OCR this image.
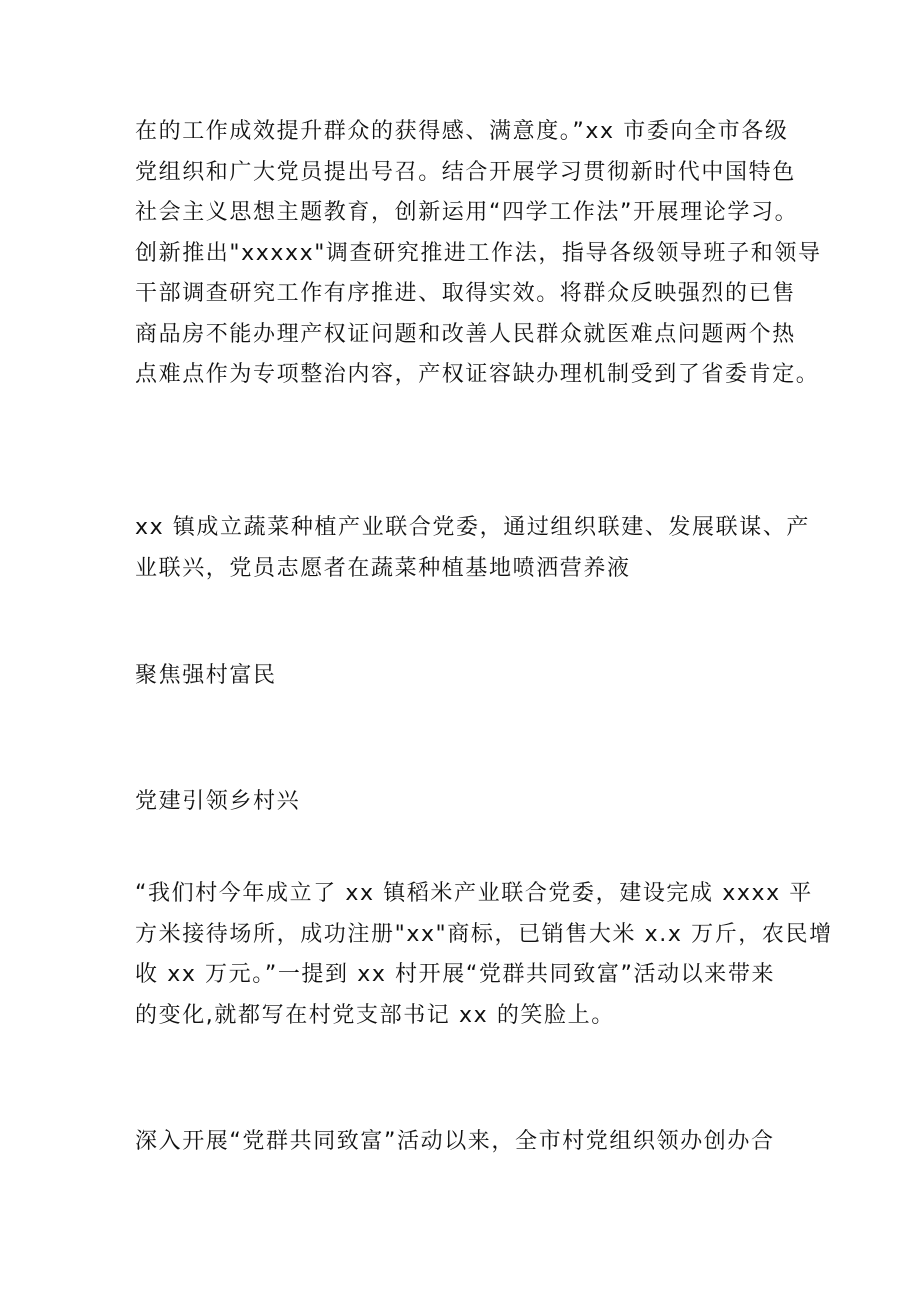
在的工作成效提升群众的获得感、满意度。”xx 市委向全市各级
党组织和广大党员提出号召。结合开展学习贯彻新时代中国特色
社会主义思想主题教育，创新运用“四学工作法”开展理论学习。
创新推出"xxxxx"调查研究推进工作法，指导各级领导班子和领导
干部调查研究工作有序推进、取得实效。将群众反映强烈的已售
商品房不能办理产权证问题和改善人民群众就医难点问题两个热
点难点作为专项整治内容，产权证容缺办理机制受到了省委肯定。

xx 镇成立蔬菜种植产业联合党委，通过组织联建、发展联谋、产
业联兴，党员志愿者在蔬菜种植基地喷洒营养液

聚焦强村富民

党建引领乡村兴

“我们村今年成立了 xx 镇稻米产业联合党委，建设完成 xxxx 平
方米接待场所，成功注册"xx"商标，已销售大米 x.x 万斤，农民增
收 xx 万元。”一提到 xx 村开展“党群共同致富”活动以来带来
的变化,就都写在村党支部书记 xx 的笑脸上。

深入开展“党群共同致富”活动以来，全市村党组织领办创办合
